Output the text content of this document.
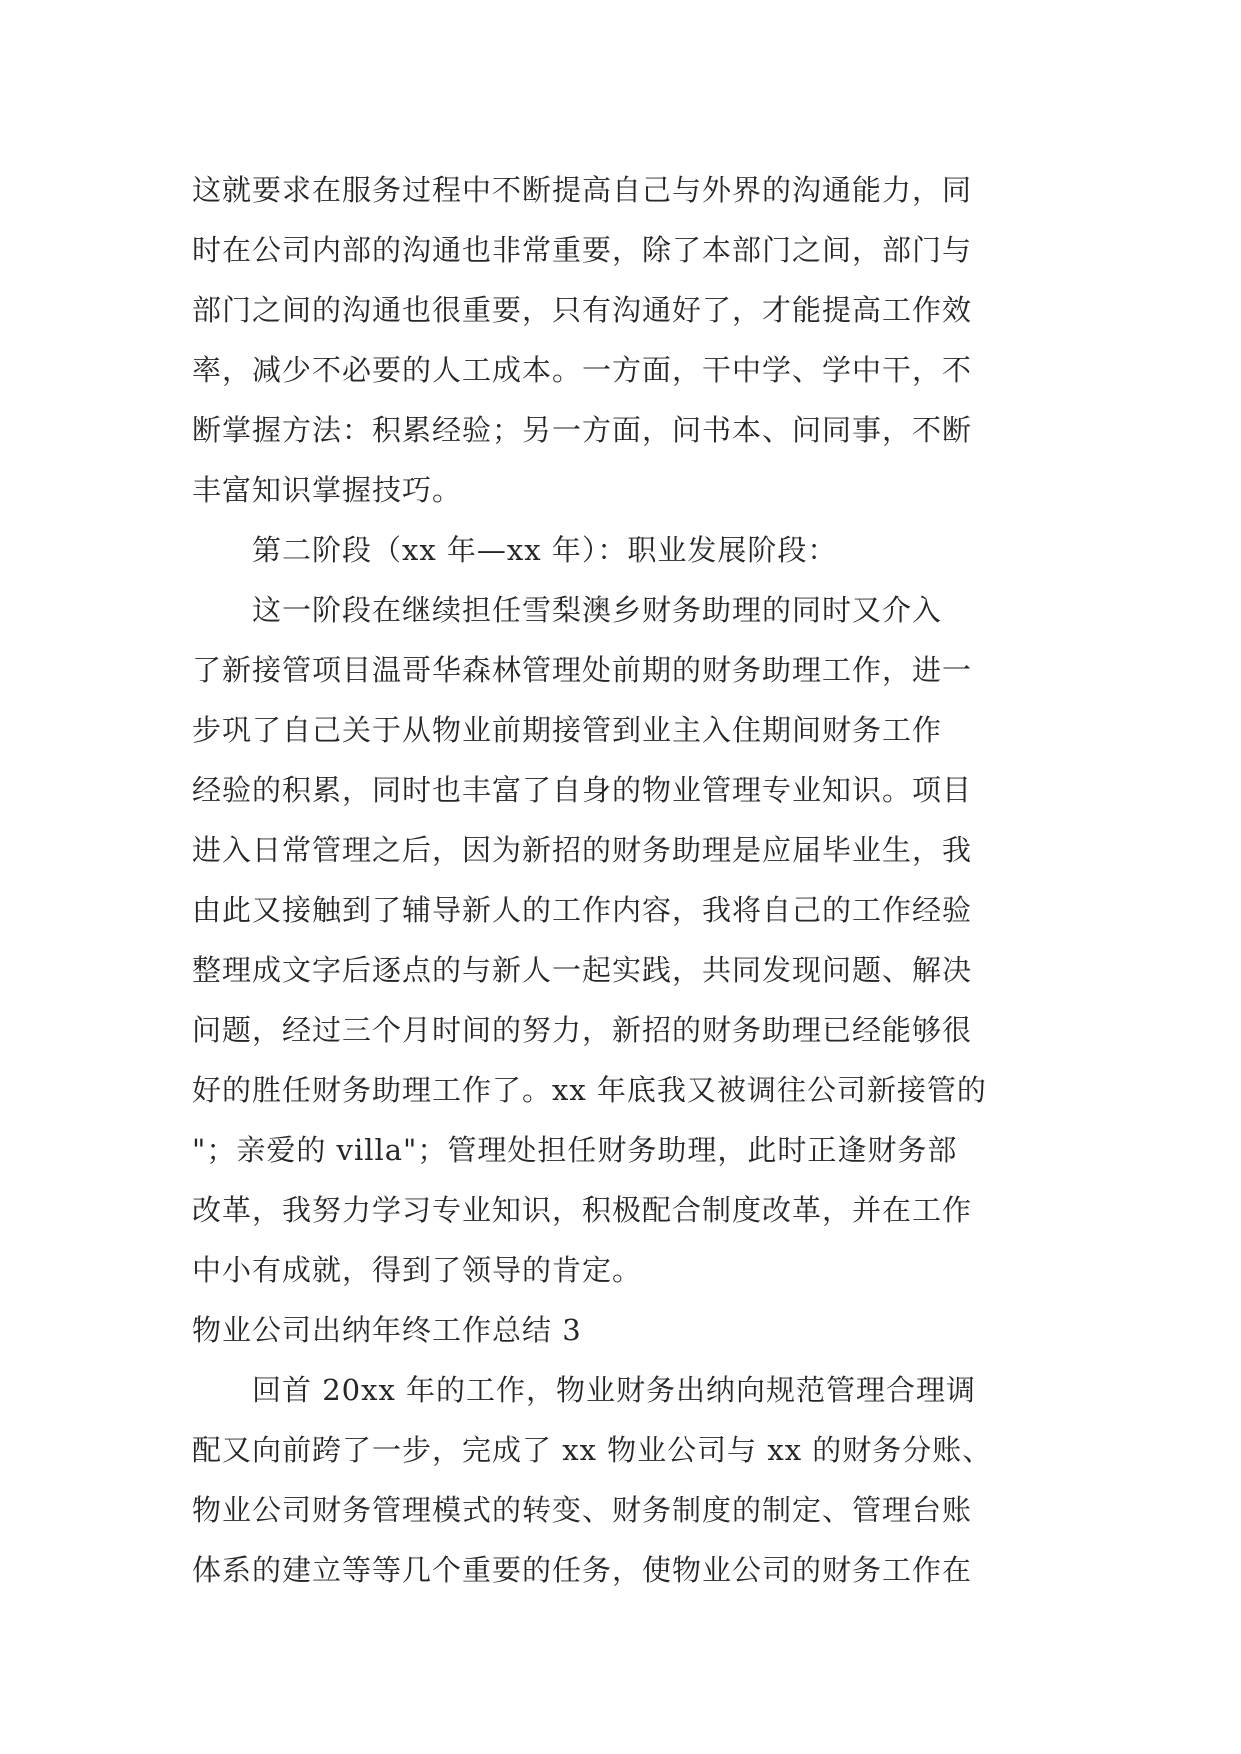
这就要求在服务过程中不断提高自己与外界的沟通能力，同
时在公司内部的沟通也非常重要，除了本部门之间，部门与
部门之间的沟通也很重要，只有沟通好了，才能提高工作效
率，减少不必要的人工成本。一方面，干中学、学中干，不
断掌握方法：积累经验；另一方面，问书本、问同事，不断
丰富知识掌握技巧。
第二阶段（xx 年—xx 年）：职业发展阶段：
这一阶段在继续担任雪梨澳乡财务助理的同时又介入
了新接管项目温哥华森林管理处前期的财务助理工作，进一
步巩了自己关于从物业前期接管到业主入住期间财务工作
经验的积累，同时也丰富了自身的物业管理专业知识。项目
进入日常管理之后，因为新招的财务助理是应届毕业生，我
由此又接触到了辅导新人的工作内容，我将自己的工作经验
整理成文字后逐点的与新人一起实践，共同发现问题、解决
问题，经过三个月时间的努力，新招的财务助理已经能够很
好的胜任财务助理工作了。xx 年底我又被调往公司新接管的
"；亲爱的 villa"；管理处担任财务助理，此时正逢财务部
改革，我努力学习专业知识，积极配合制度改革，并在工作
中小有成就，得到了领导的肯定。
物业公司出纳年终工作总结 3
回首 20xx 年的工作，物业财务出纳向规范管理合理调
配又向前跨了一步，完成了 xx 物业公司与 xx 的财务分账、
物业公司财务管理模式的转变、财务制度的制定、管理台账
体系的建立等等几个重要的任务，使物业公司的财务工作在
